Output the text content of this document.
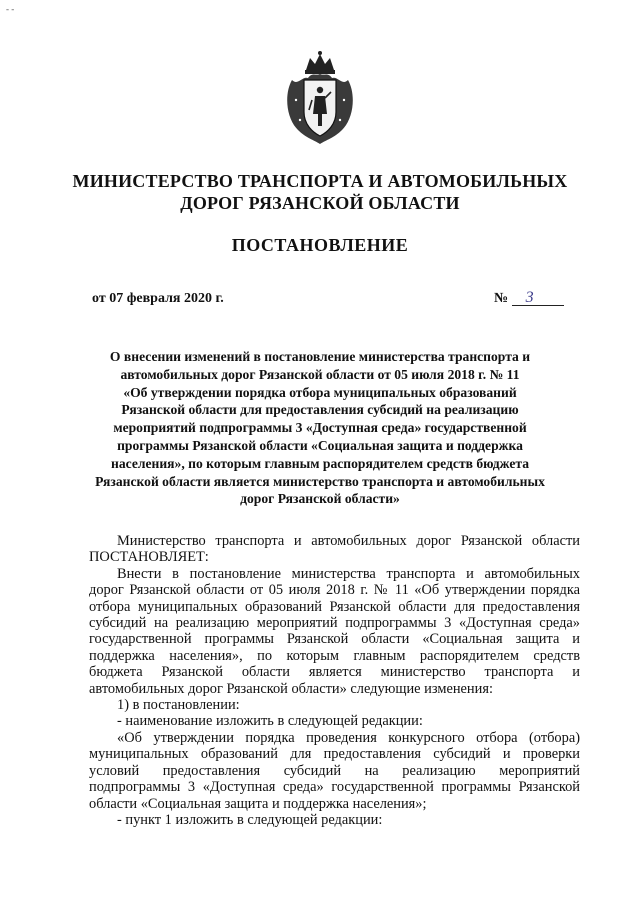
- -
МИНИСТЕРСТВО ТРАНСПОРТА И АВТОМОБИЛЬНЫХ
ДОРОГ РЯЗАНСКОЙ ОБЛАСТИ
ПОСТАНОВЛЕНИЕ
от 07 февраля 2020 г.	№ 3
О внесении изменений в постановление министерства транспорта и
автомобильных дорог Рязанской области от 05 июля 2018 г. № 11
«Об утверждении порядка отбора муниципальных образований
Рязанской области для предоставления субсидий на реализацию
мероприятий подпрограммы 3 «Доступная среда» государственной
программы Рязанской области «Социальная защита и поддержка
населения», по которым главным распорядителем средств бюджета
Рязанской области является министерство транспорта и автомобильных
дорог Рязанской области»
Министерство транспорта и автомобильных дорог Рязанской области
ПОСТАНОВЛЯЕТ:
Внести в постановление министерства транспорта и автомобильных
дорог Рязанской области от 05 июля 2018 г. № 11 «Об утверждении порядка
отбора муниципальных образований Рязанской области для предоставления
субсидий на реализацию мероприятий подпрограммы 3 «Доступная среда»
государственной программы Рязанской области «Социальная защита и
поддержка населения», по которым главным распорядителем средств
бюджета Рязанской области является министерство транспорта и
автомобильных дорог Рязанской области» следующие изменения:
1) в постановлении:
- наименование изложить в следующей редакции:
«Об утверждении порядка проведения конкурсного отбора (отбора)
муниципальных образований для предоставления субсидий и проверки
условий предоставления субсидий на реализацию мероприятий
подпрограммы 3 «Доступная среда» государственной программы Рязанской
области «Социальная защита и поддержка населения»;
- пункт 1 изложить в следующей редакции:
